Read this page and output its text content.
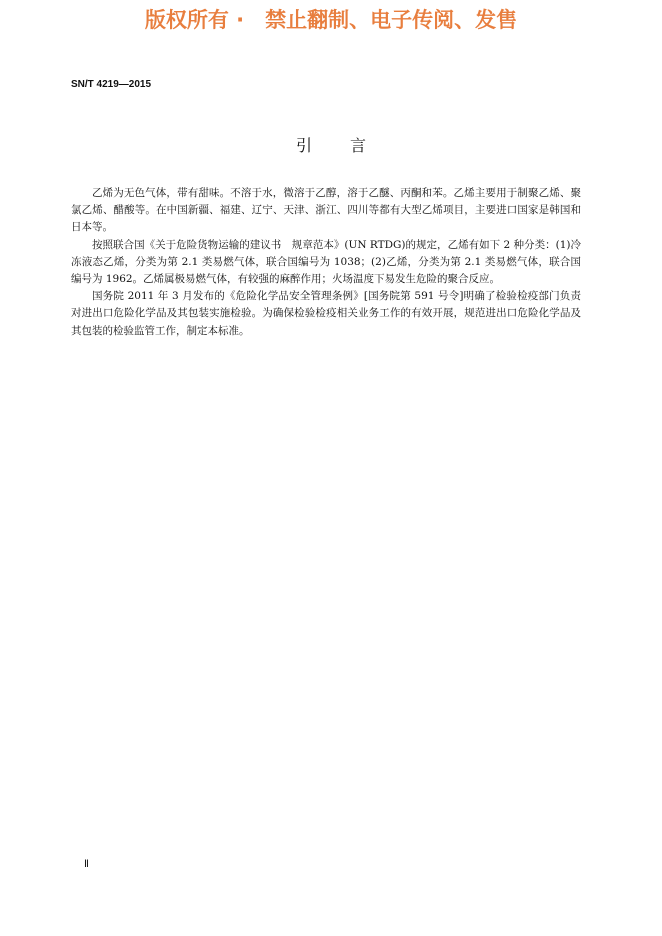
版权所有 ·　禁止翻制、电子传阅、发售
SN/T 4219—2015
引言

乙烯为无色气体，带有甜味。不溶于水，微溶于乙醇，溶于乙醚、丙酮和苯。乙烯主要用于制聚乙烯、聚氯乙烯、醋酸等。在中国新疆、福建、辽宁、天津、浙江、四川等都有大型乙烯项目，主要进口国家是韩国和日本等。

按照联合国《关于危险货物运输的建议书　规章范本》(UN RTDG)的规定，乙烯有如下 2 种分类：(1)冷冻液态乙烯，分类为第 2.1 类易燃气体，联合国编号为 1038；(2)乙烯，分类为第 2.1 类易燃气体，联合国编号为 1962。乙烯属极易燃气体，有较强的麻醉作用；火场温度下易发生危险的聚合反应。

国务院 2011 年 3 月发布的《危险化学品安全管理条例》[国务院第 591 号令]明确了检验检疫部门负责对进出口危险化学品及其包装实施检验。为确保检验检疫相关业务工作的有效开展，规范进出口危险化学品及其包装的检验监管工作，制定本标准。

Ⅱ
